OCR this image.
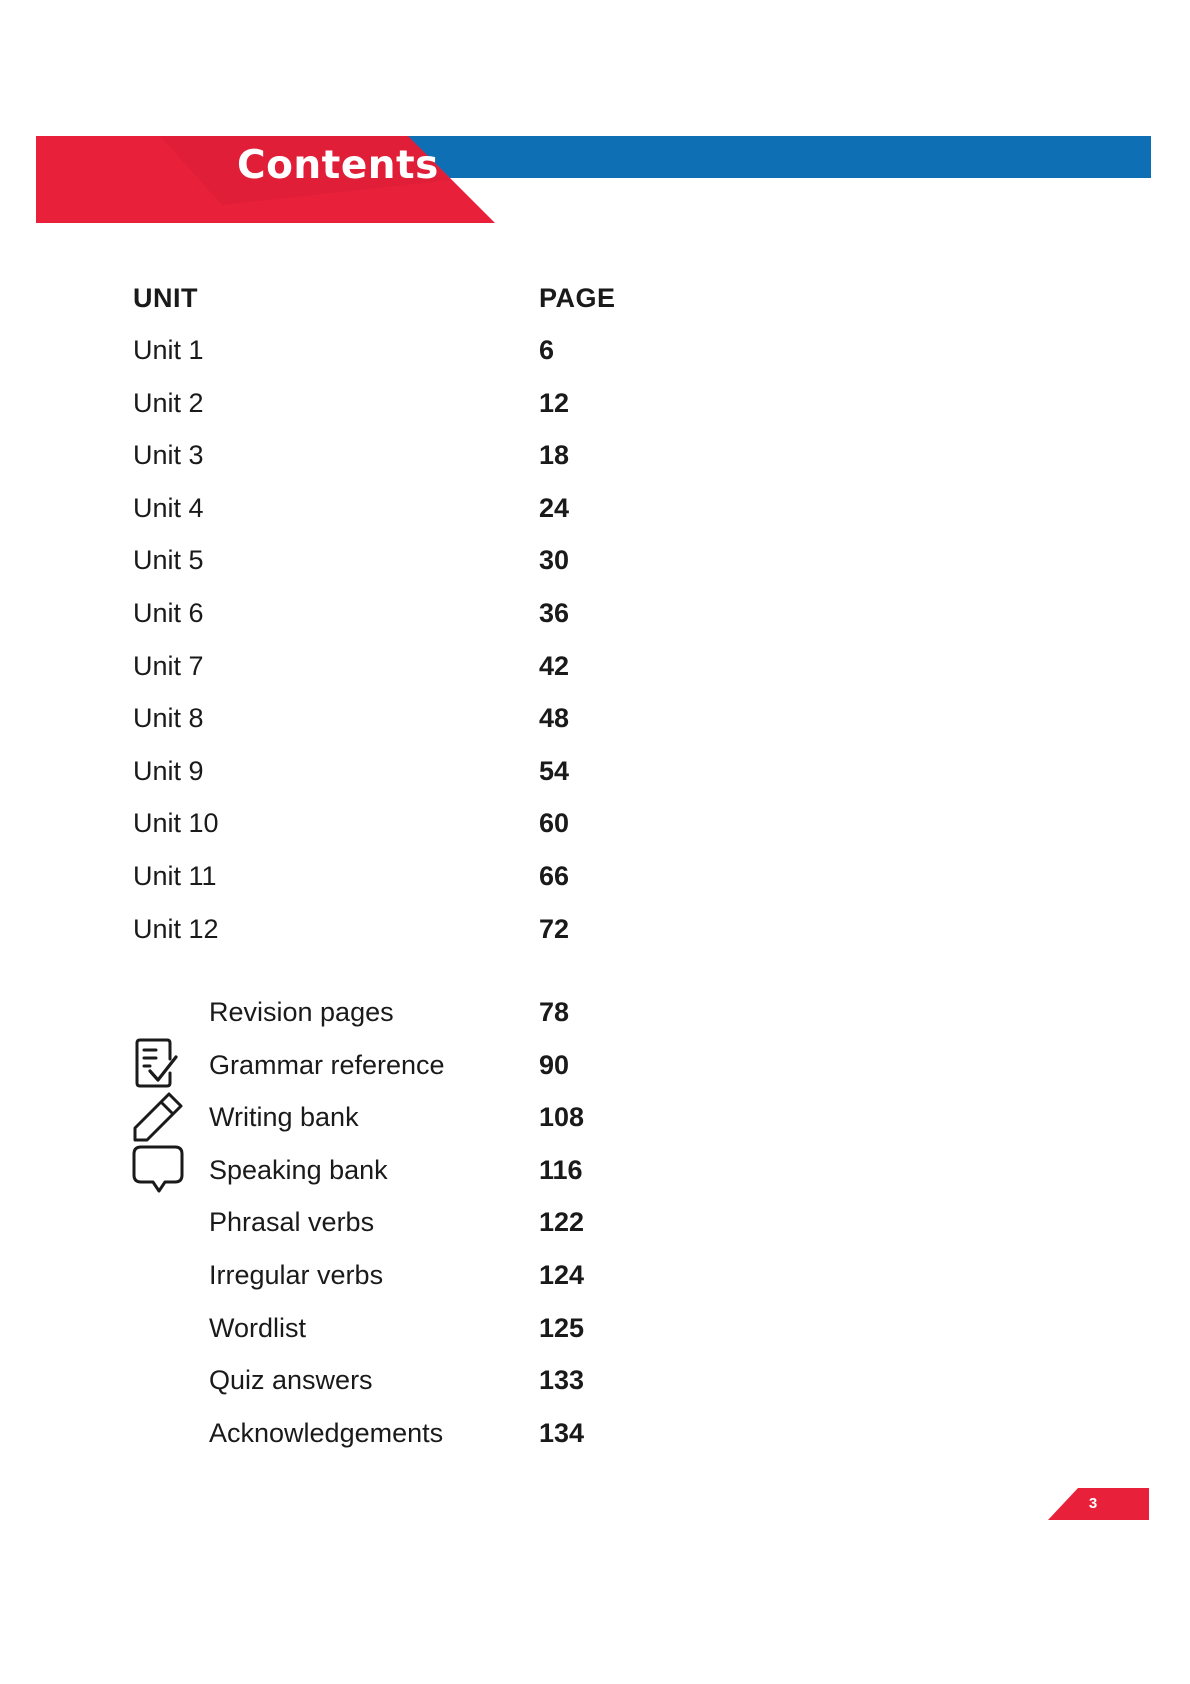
Contents
UNIT	PAGE
Unit 1	6
Unit 2	12
Unit 3	18
Unit 4	24
Unit 5	30
Unit 6	36
Unit 7	42
Unit 8	48
Unit 9	54
Unit 10	60
Unit 11	66
Unit 12	72
Revision pages	78
Grammar reference	90
Writing bank	108
Speaking bank	116
Phrasal verbs	122
Irregular verbs	124
Wordlist	125
Quiz answers	133
Acknowledgements	134
3
